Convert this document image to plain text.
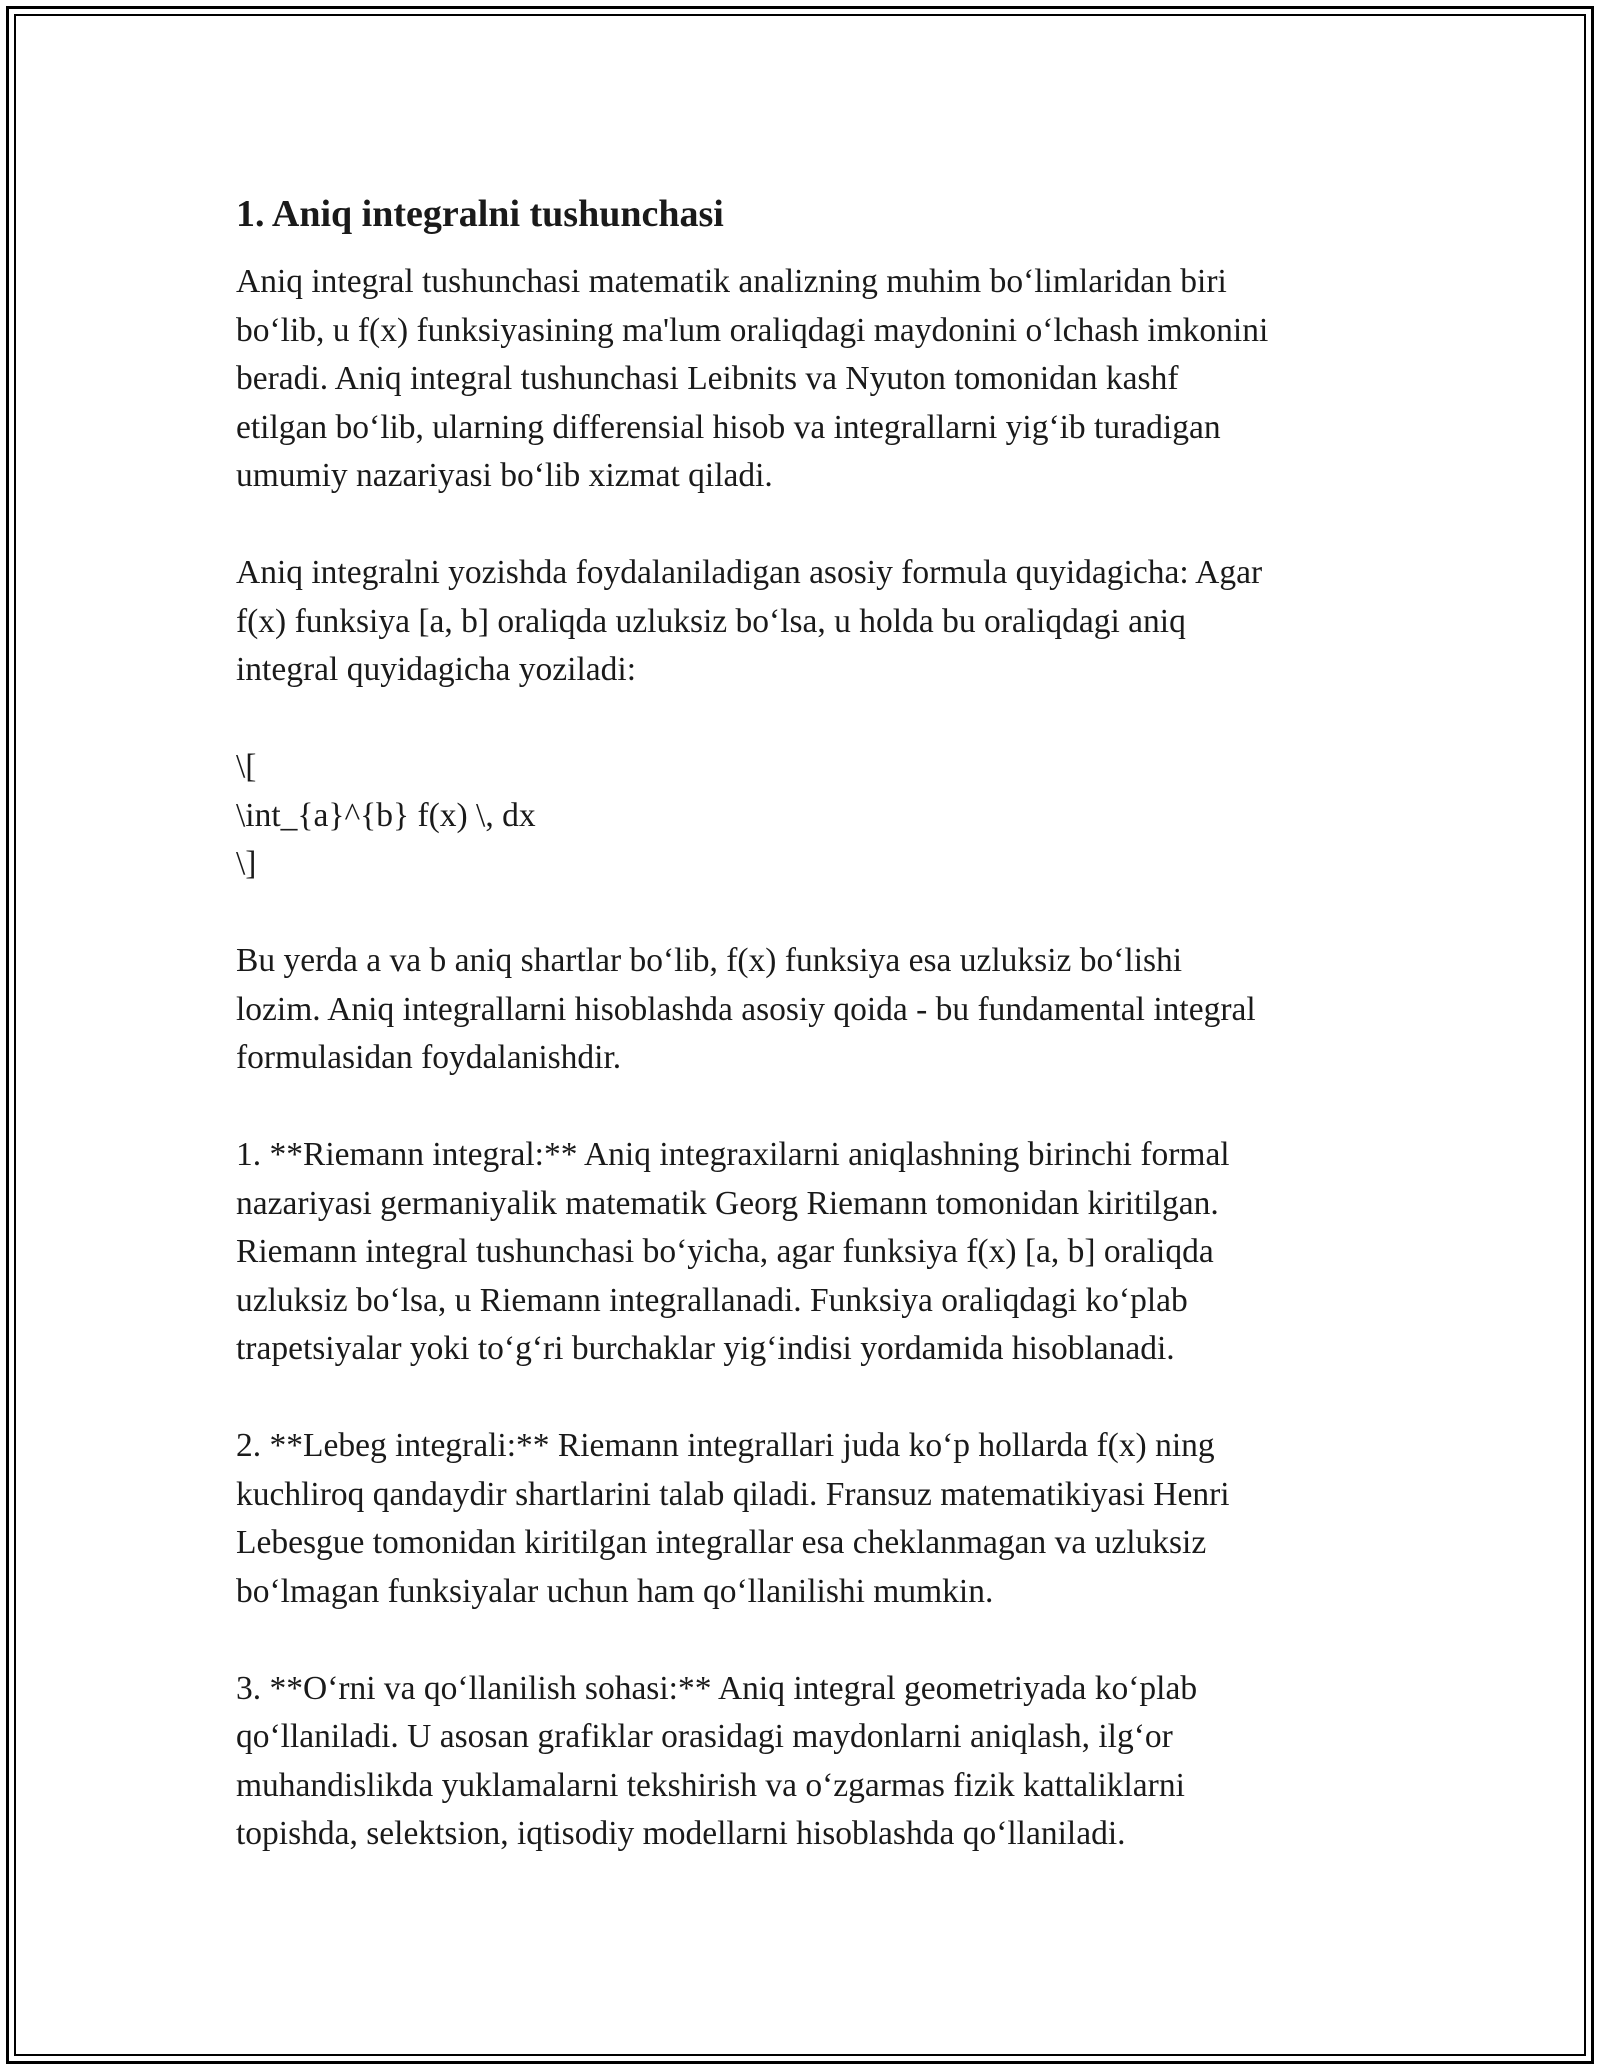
1. Aniq integralni tushunchasi
Aniq integral tushunchasi matematik analizning muhim bo‘limlaridan biri
bo‘lib, u f(x) funksiyasining ma'lum oraliqdagi maydonini o‘lchash imkonini
beradi. Aniq integral tushunchasi Leibnits va Nyuton tomonidan kashf
etilgan bo‘lib, ularning differensial hisob va integrallarni yig‘ib turadigan
umumiy nazariyasi bo‘lib xizmat qiladi.
Aniq integralni yozishda foydalaniladigan asosiy formula quyidagicha: Agar
f(x) funksiya [a, b] oraliqda uzluksiz bo‘lsa, u holda bu oraliqdagi aniq
integral quyidagicha yoziladi:
\[
\int_{a}^{b} f(x) \, dx
\]
Bu yerda a va b aniq shartlar bo‘lib, f(x) funksiya esa uzluksiz bo‘lishi
lozim. Aniq integrallarni hisoblashda asosiy qoida - bu fundamental integral
formulasidan foydalanishdir.
1. **Riemann integral:** Aniq integraxilarni aniqlashning birinchi formal
nazariyasi germaniyalik matematik Georg Riemann tomonidan kiritilgan.
Riemann integral tushunchasi bo‘yicha, agar funksiya f(x) [a, b] oraliqda
uzluksiz bo‘lsa, u Riemann integrallanadi. Funksiya oraliqdagi ko‘plab
trapetsiyalar yoki to‘g‘ri burchaklar yig‘indisi yordamida hisoblanadi.
2. **Lebeg integrali:** Riemann integrallari juda ko‘p hollarda f(x) ning
kuchliroq qandaydir shartlarini talab qiladi. Fransuz matematikiyasi Henri
Lebesgue tomonidan kiritilgan integrallar esa cheklanmagan va uzluksiz
bo‘lmagan funksiyalar uchun ham qo‘llanilishi mumkin.
3. **O‘rni va qo‘llanilish sohasi:** Aniq integral geometriyada ko‘plab
qo‘llaniladi. U asosan grafiklar orasidagi maydonlarni aniqlash, ilg‘or
muhandislikda yuklamalarni tekshirish va o‘zgarmas fizik kattaliklarni
topishda, selektsion, iqtisodiy modellarni hisoblashda qo‘llaniladi.
